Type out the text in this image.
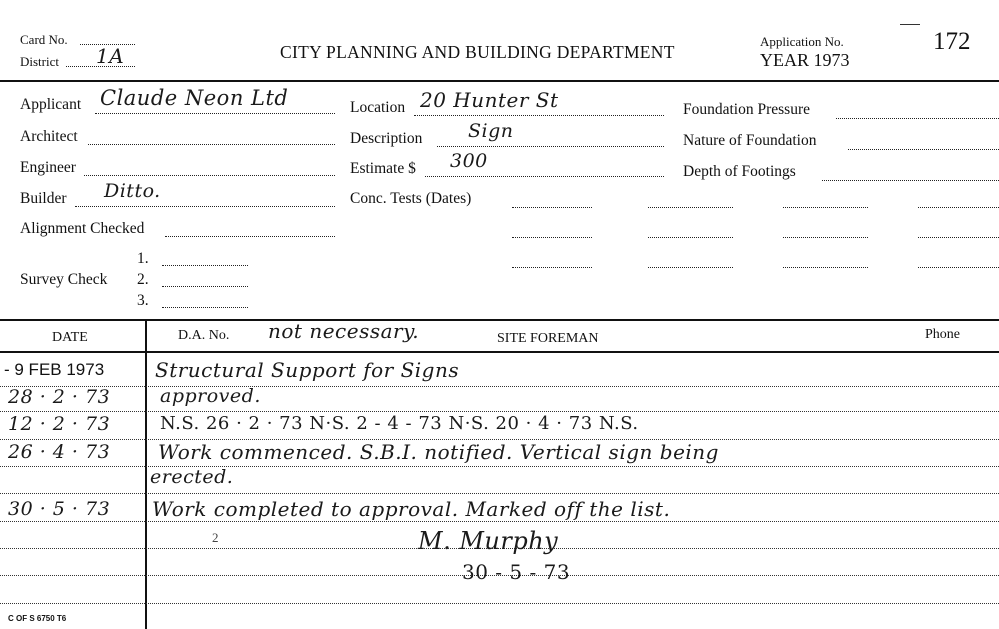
Card No.
District 1A	CITY PLANNING AND BUILDING DEPARTMENT
Application No.
YEAR 1973
172
Applicant Claude Neon Ltd
Architect
Engineer
Builder Ditto.
Alignment Checked
Survey Check
1.
2.
3.
Location 20 Hunter St
Description Sign
Estimate $ 300
Conc. Tests (Dates)
Foundation Pressure
Nature of Foundation
Depth of Footings
DATE	D.A. No. not necessary.	SITE FOREMAN	Phone
- 9 FEB 1973	Structural Support for Signs
28 · 2 · 73	approved.
12 · 2 · 73	N.S. 26 · 2 · 73 N·S. 2 - 4 - 73 N·S. 20 · 4 · 73 N.S.
26 · 4 · 73 Work commenced. S.B.I. notified. Vertical sign being
erected.
30 · 5 · 73 Work completed to approval. Marked off the list.
2	M. Murphy
30 - 5 - 73
C OF S 6750 T6
